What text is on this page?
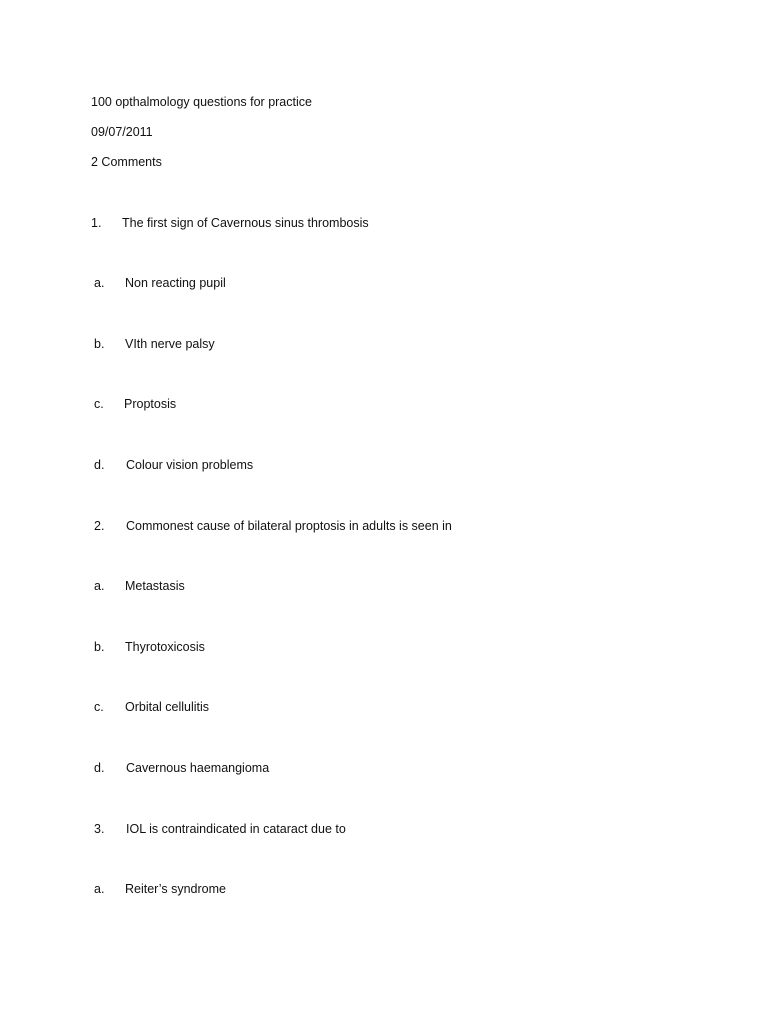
100 opthalmology questions for practice
09/07/2011
2 Comments
1. The first sign of Cavernous sinus thrombosis
a. Non reacting pupil
b. VIth nerve palsy
c. Proptosis
d. Colour vision problems
2. Commonest cause of bilateral proptosis in adults is seen in
a. Metastasis
b. Thyrotoxicosis
c. Orbital cellulitis
d. Cavernous haemangioma
3. IOL is contraindicated in cataract due to
a. Reiter’s syndrome
